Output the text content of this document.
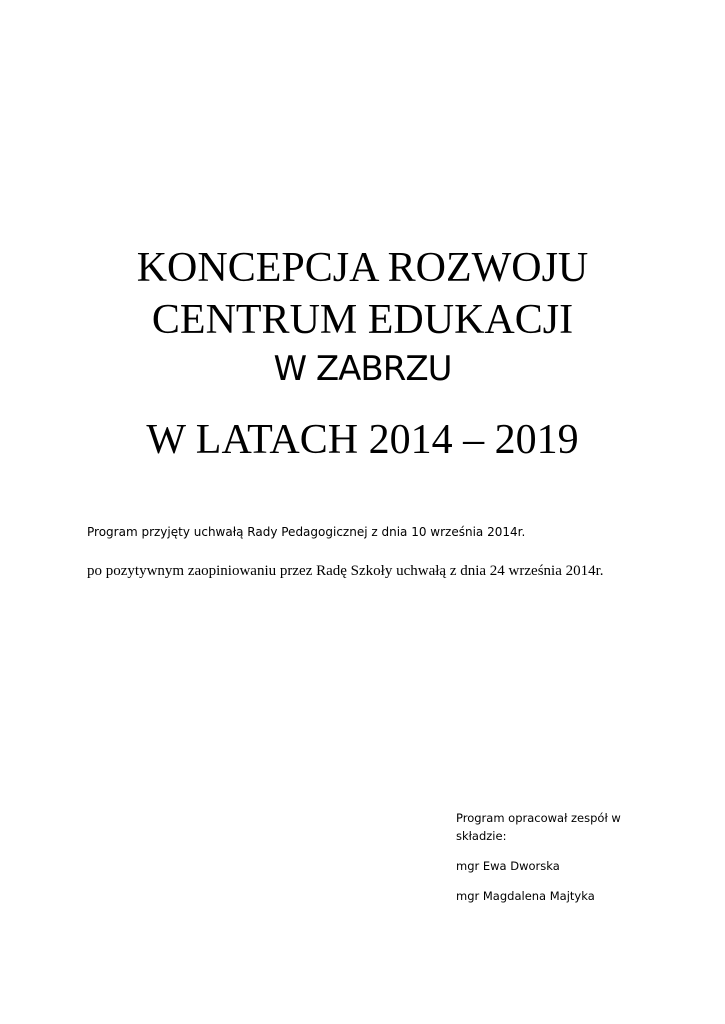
KONCEPCJA ROZWOJU
CENTRUM EDUKACJI
W ZABRZU
W LATACH 2014 – 2019
Program przyjęty uchwałą Rady Pedagogicznej z dnia 10 września 2014r.
po pozytywnym zaopiniowaniu przez Radę Szkoły uchwałą z dnia 24 września 2014r.

Program opracował zespół w składzie:

mgr Ewa Dworska

mgr Magdalena Majtyka
